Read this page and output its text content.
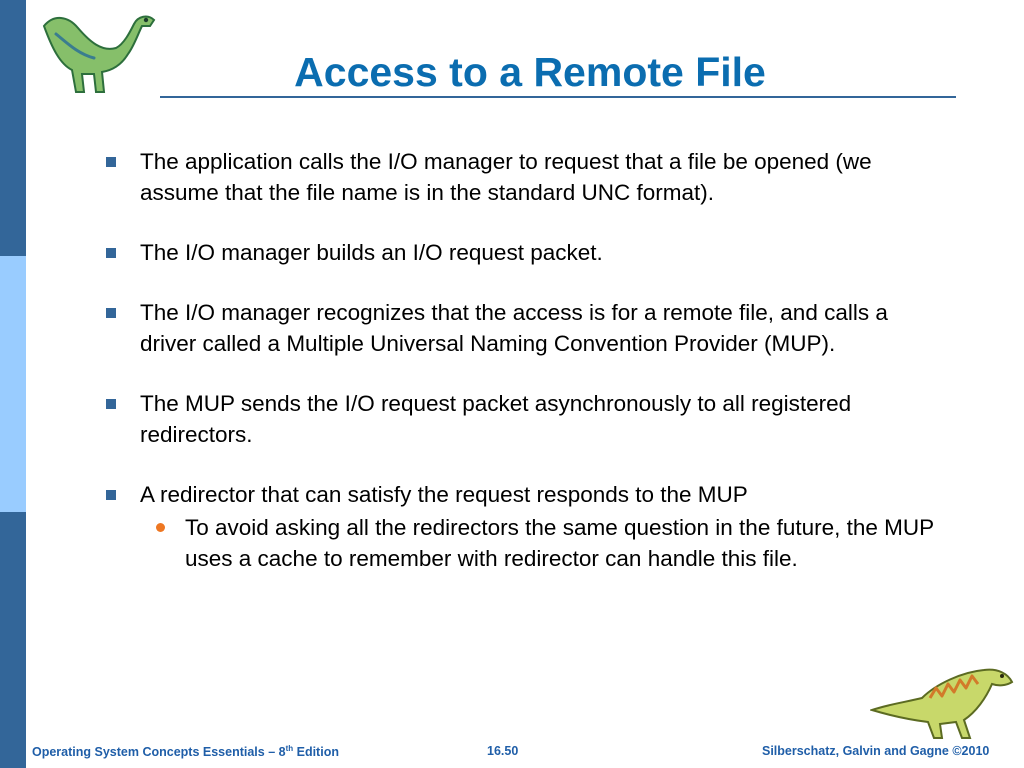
Access to a Remote File
The application calls the I/O manager to request that a file be opened (we assume that the file name is in the standard UNC format).
The I/O manager builds an I/O request packet.
The I/O manager recognizes that the access is for a remote file, and calls a driver called a Multiple Universal Naming Convention Provider (MUP).
The MUP sends the I/O request packet asynchronously to all registered redirectors.
A redirector that can satisfy the request responds to the MUP
To avoid asking all the redirectors the same question in the future, the MUP uses a cache to remember with redirector can handle this file.
Operating System Concepts Essentials – 8th Edition	16.50	Silberschatz, Galvin and Gagne ©2010
